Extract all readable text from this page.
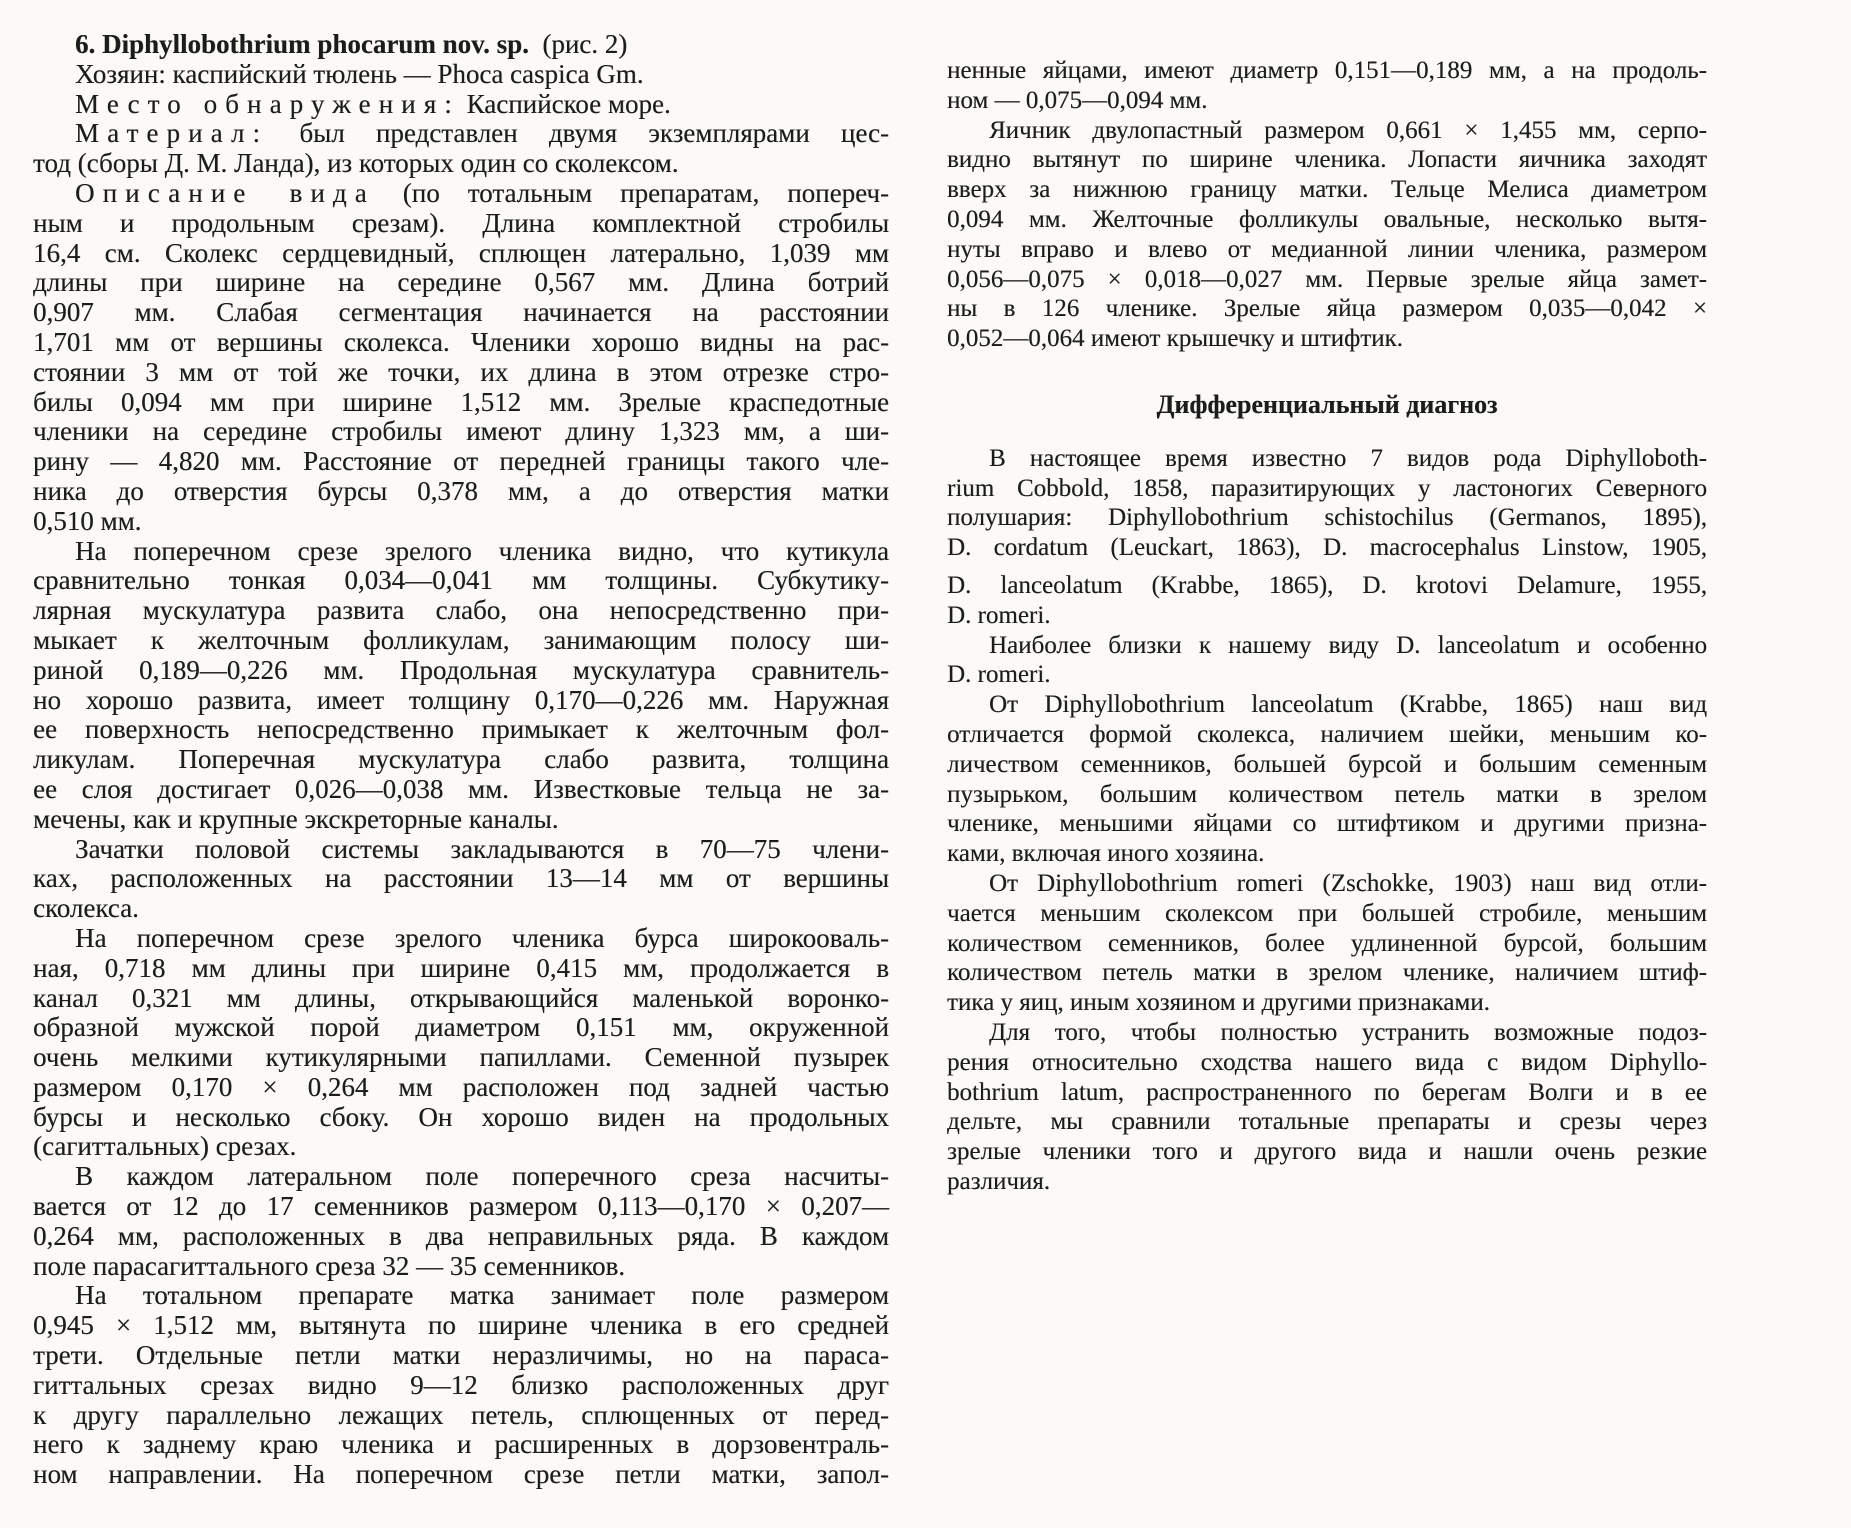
6. Diphyllobothrium phocarum nov. sp.  (рис. 2)
Хозяин: каспийский тюлень — Phoca caspica Gm.
Место обнаружения: Каспийское море.
Материал: был представлен двумя экземплярами цес-
тод (сборы Д. М. Ланда), из которых один со сколексом.
Описание вида (по тотальным препаратам, попереч-
ным и продольным срезам). Длина комплектной стробилы
16,4 см. Сколекс сердцевидный, сплющен латерально, 1,039 мм
длины при ширине на середине 0,567 мм. Длина ботрий
0,907 мм. Слабая сегментация начинается на расстоянии
1,701 мм от вершины сколекса. Членики хорошо видны на рас-
стоянии 3 мм от той же точки, их длина в этом отрезке стро-
билы 0,094 мм при ширине 1,512 мм. Зрелые краспедотные
членики на середине стробилы имеют длину 1,323 мм, а ши-
рину — 4,820 мм. Расстояние от передней границы такого чле-
ника до отверстия бурсы 0,378 мм, а до отверстия матки
0,510 мм.
На поперечном срезе зрелого членика видно, что кутикула
сравнительно тонкая 0,034—0,041 мм толщины. Субкутику-
лярная мускулатура развита слабо, она непосредственно при-
мыкает к желточным фолликулам, занимающим полосу ши-
риной 0,189—0,226 мм. Продольная мускулатура сравнитель-
но хорошо развита, имеет толщину 0,170—0,226 мм. Наружная
ее поверхность непосредственно примыкает к желточным фол-
ликулам. Поперечная мускулатура слабо развита, толщина
ее слоя достигает 0,026—0,038 мм. Известковые тельца не за-
мечены, как и крупные экскреторные каналы.
Зачатки половой системы закладываются в 70—75 члени-
ках, расположенных на расстоянии 13—14 мм от вершины
сколекса.
На поперечном срезе зрелого членика бурса широкооваль-
ная, 0,718 мм длины при ширине 0,415 мм, продолжается в
канал 0,321 мм длины, открывающийся маленькой воронко-
образной мужской порой диаметром 0,151 мм, окруженной
очень мелкими кутикулярными папиллами. Семенной пузырек
размером 0,170 × 0,264 мм расположен под задней частью
бурсы и несколько сбоку. Он хорошо виден на продольных
(сагиттальных) срезах.
В каждом латеральном поле поперечного среза насчиты-
вается от 12 до 17 семенников размером 0,113—0,170 × 0,207—
0,264 мм, расположенных в два неправильных ряда. В каждом
поле парасагиттального среза 32 — 35 семенников.
На тотальном препарате матка занимает поле размером
0,945 × 1,512 мм, вытянута по ширине членика в его средней
трети. Отдельные петли матки неразличимы, но на параса-
гиттальных срезах видно 9—12 близко расположенных друг
к другу параллельно лежащих петель, сплющенных от перед-
него к заднему краю членика и расширенных в дорзовентраль-
ном направлении. На поперечном срезе петли матки, запол-
ненные яйцами, имеют диаметр 0,151—0,189 мм, а на продоль-
ном — 0,075—0,094 мм.
Яичник двулопастный размером 0,661 × 1,455 мм, серпо-
видно вытянут по ширине членика. Лопасти яичника заходят
вверх за нижнюю границу матки. Тельце Мелиса диаметром
0,094 мм. Желточные фолликулы овальные, несколько вытя-
нуты вправо и влево от медианной линии членика, размером
0,056—0,075 × 0,018—0,027 мм. Первые зрелые яйца замет-
ны в 126 членике. Зрелые яйца размером 0,035—0,042 ×
0,052—0,064 имеют крышечку и штифтик.
Дифференциальный диагноз
В настоящее время известно 7 видов рода Diphylloboth-
rium Cobbold, 1858, паразитирующих у ластоногих Северного
полушария: Diphyllobothrium schistochilus (Germanos, 1895),
D. cordatum (Leuckart, 1863), D. macrocephalus Linstow, 1905,
D. lanceolatum (Krabbe, 1865), D. krotovi Delamure, 1955,
D. romeri.
Наиболее близки к нашему виду D. lanceolatum и особенно
D. romeri.
От Diphyllobothrium lanceolatum (Krabbe, 1865) наш вид
отличается формой сколекса, наличием шейки, меньшим ко-
личеством семенников, большей бурсой и большим семенным
пузырьком, большим количеством петель матки в зрелом
членике, меньшими яйцами со штифтиком и другими призна-
ками, включая иного хозяина.
От Diphyllobothrium romeri (Zschokke, 1903) наш вид отли-
чается меньшим сколексом при большей стробиле, меньшим
количеством семенников, более удлиненной бурсой, большим
количеством петель матки в зрелом членике, наличием штиф-
тика у яиц, иным хозяином и другими признаками.
Для того, чтобы полностью устранить возможные подоз-
рения относительно сходства нашего вида с видом Diphyllo-
bothrium latum, распространенного по берегам Волги и в ее
дельте, мы сравнили тотальные препараты и срезы через
зрелые членики того и другого вида и нашли очень резкие
различия.
